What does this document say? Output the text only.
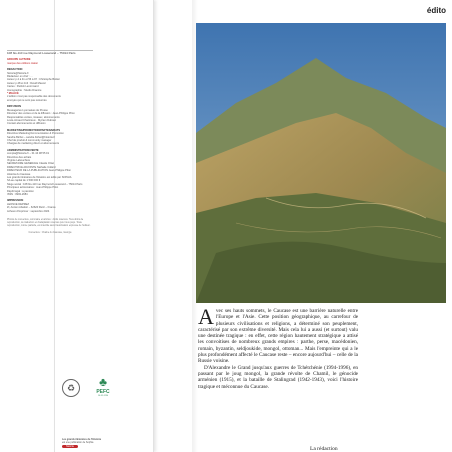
108 bis-110 rue Raymond Losserand – 75014 Paris
GROUPE ALTIVIDE
marque des éditions Hatier
RÉDACTION
historia@historia.fr
Rédacteur en chef : ...
Auteur p.4 à 41 et 56 à 97 : Christophe Bottier
Auteur p.48 et 113 : David Maurel
Cartes : Patrick Lenormand
Iconographie : Studio Dracore
* MALICE
L'édition n'est pas responsable des documents
envoyés qui ne sont pas retournés
DIFFUSION
Messageries Lyonnaises de Presse
Directeur des ventes et de la diffusion : Jean-Philippe Pilon
Responsables ventes, réseaux, abonnements
Louis-Arnaud Chantrieux · Myriam Dubosc
Contact abonnements et diffusion
MARKETING/PROMOTION/PARTENARIATS
Directrice Marketing/Communication & Promotion
Sandra Bichet – sandra.bichet@historia.fr
Chef de produit & community manager
Chargée de marketing direct et abonnements
ADMINISTRATION/VENTE
compta@historia.fr – 01 44 08 55 19
Directrice des achats
Virginie Labouchère
SECRÉTAIRE GÉNÉRALE Claude Orlac
DIRECTRICE ADJOINTE Nathalie Collard
DIRECTEUR DE LA PUBLICATION Jean-Philippe Pilon
Historia du Caucase
Les grands itinéraires de l'Histoire est édité par SOPHIA
SA au capital de 1 500 000 €
Siège social : 108 bis-110 rue Raymond Losserand – 75014 Paris
Principaux actionnaires : Jean-Philippe Pilon
Dépôt légal : à parution
ISSN : 0993-2684
IMPRESSION
LEONCE DEPREZ
ZI, Ancien Abattoir – 62620 Ruitz – France
Achevé d'imprimer : septembre 2024
Photos de couverture, sommaire et articles : droits réservés. Tous droits de reproduction, de traduction et d'adaptation réservés pour tous pays. Toute reproduction, même partielle, est interdite sans l'autorisation expresse de l'éditeur.
Couverture : Chaîne du Caucase, Géorgie
♻	♣
PEFC
10-31-1234
Les grands itinéraires de l'Histoire
est une publication de Sophia
historia
édito

Avec ses hauts sommets, le Caucase est une barrière naturelle entre l'Europe et l'Asie. Cette position géographique, au carrefour de plusieurs civilisations et religions, a déterminé son peuplement, caractérisé par son extrême diversité. Mais cela lui a aussi (et surtout) valu une destinée tragique : en effet, cette région hautement stratégique a attisé les convoitises de nombreux grands empires : parthe, perse, macédonien, romain, byzantin, seldjoukide, mongol, ottoman... Mais l'empreinte qui a le plus profondément affecté le Caucase reste – encore aujourd'hui – celle de la Russie voisine.

D'Alexandre le Grand jusqu'aux guerres de Tchétchénie (1994-1996), en passant par le joug mongol, la grande révolte de Chamil, le génocide arménien (1915), et la bataille de Stalingrad (1942-1943), voici l'histoire tragique et méconnue du Caucase.

La rédaction
